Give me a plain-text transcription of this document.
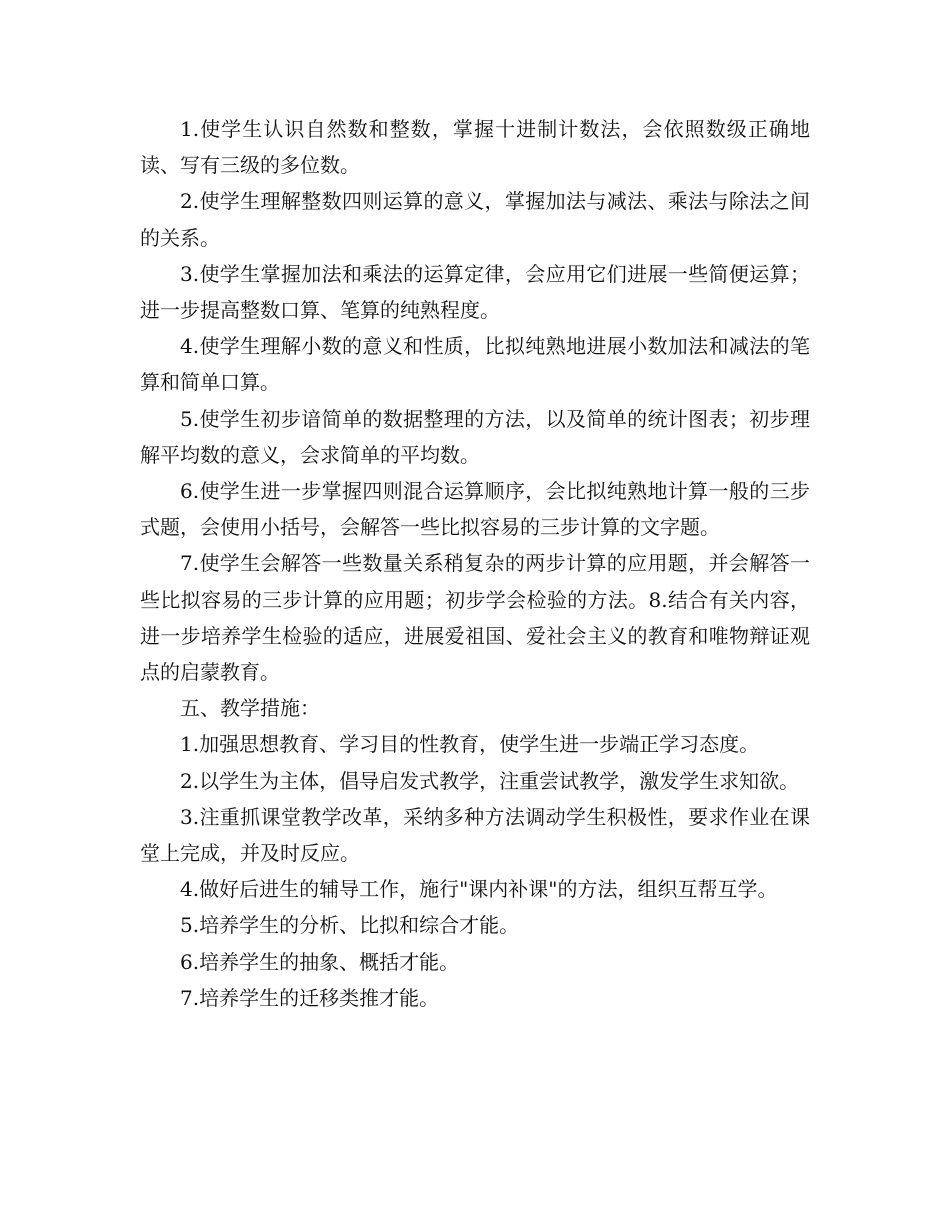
1.使学生认识自然数和整数，掌握十进制计数法，会依照数级正确地读、写有三级的多位数。

2.使学生理解整数四则运算的意义，掌握加法与减法、乘法与除法之间的关系。

3.使学生掌握加法和乘法的运算定律，会应用它们进展一些简便运算；进一步提高整数口算、笔算的纯熟程度。

4.使学生理解小数的意义和性质，比拟纯熟地进展小数加法和减法的笔算和简单口算。

5.使学生初步谙简单的数据整理的方法，以及简单的统计图表；初步理解平均数的意义，会求简单的平均数。

6.使学生进一步掌握四则混合运算顺序，会比拟纯熟地计算一般的三步式题，会使用小括号，会解答一些比拟容易的三步计算的文字题。

7.使学生会解答一些数量关系稍复杂的两步计算的应用题，并会解答一些比拟容易的三步计算的应用题；初步学会检验的方法。8.结合有关内容，进一步培养学生检验的适应，进展爱祖国、爱社会主义的教育和唯物辩证观点的启蒙教育。

五、教学措施：

1.加强思想教育、学习目的性教育，使学生进一步端正学习态度。

2.以学生为主体，倡导启发式教学，注重尝试教学，激发学生求知欲。

3.注重抓课堂教学改革，采纳多种方法调动学生积极性，要求作业在课堂上完成，并及时反应。

4.做好后进生的辅导工作，施行"课内补课"的方法，组织互帮互学。

5.培养学生的分析、比拟和综合才能。

6.培养学生的抽象、概括才能。

7.培养学生的迁移类推才能。
